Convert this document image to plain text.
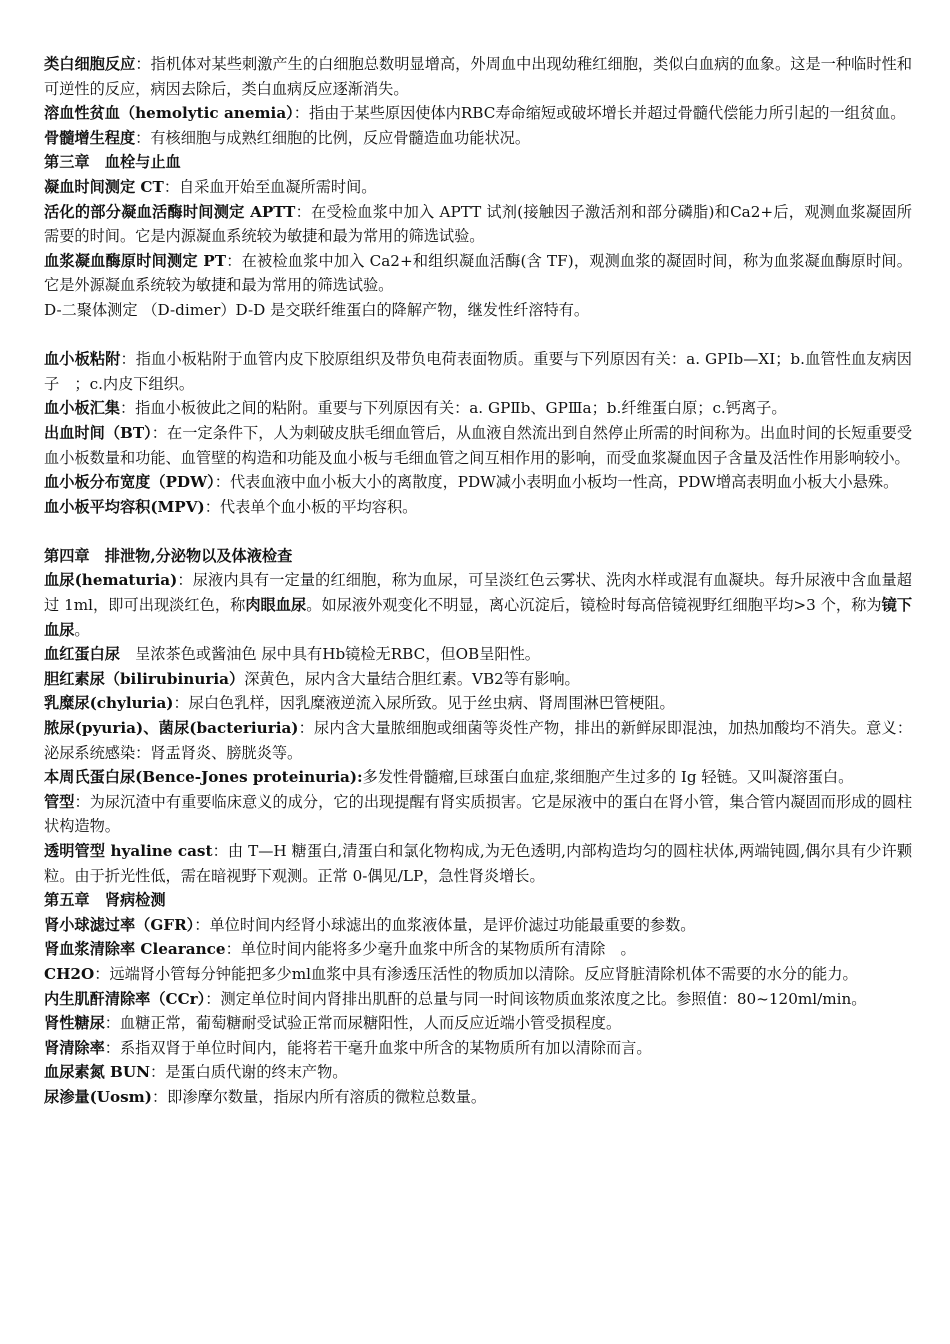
类白细胞反应：指机体对某些刺激产生的白细胞总数明显增高，外周血中出现幼稚红细胞，类似白血病的血象。这是一种临时性和可逆性的反应，病因去除后，类白血病反应逐渐消失。

溶血性贫血（hemolytic anemia）：指由于某些原因使体内RBC寿命缩短或破坏增长并超过骨髓代偿能力所引起的一组贫血。

骨髓增生程度：有核细胞与成熟红细胞的比例，反应骨髓造血功能状况。

第三章　血栓与止血

凝血时间测定 CT：自采血开始至血凝所需时间。

活化的部分凝血活酶时间测定 APTT：在受检血浆中加入 APTT 试剂(接触因子激活剂和部分磷脂)和Ca2+后，观测血浆凝固所需要的时间。它是内源凝血系统较为敏捷和最为常用的筛选试验。

血浆凝血酶原时间测定 PT：在被检血浆中加入 Ca2+和组织凝血活酶(含 TF)，观测血浆的凝固时间，称为血浆凝血酶原时间。它是外源凝血系统较为敏捷和最为常用的筛选试验。

D-二聚体测定 （D-dimer）D-D 是交联纤维蛋白的降解产物，继发性纤溶特有。

血小板粘附：指血小板粘附于血管内皮下胶原组织及带负电荷表面物质。重要与下列原因有关：a. GPⅠb—XI；b.血管性血友病因子　；c.内皮下组织。

血小板汇集：指血小板彼此之间的粘附。重要与下列原因有关：a. GPⅡb、GPⅢa；b.纤维蛋白原；c.钙离子。

出血时间（BT）：在一定条件下，人为刺破皮肤毛细血管后，从血液自然流出到自然停止所需的时间称为。出血时间的长短重要受血小板数量和功能、血管壁的构造和功能及血小板与毛细血管之间互相作用的影响，而受血浆凝血因子含量及活性作用影响较小。

血小板分布宽度（PDW）：代表血液中血小板大小的离散度，PDW减小表明血小板均一性高，PDW增高表明血小板大小悬殊。

血小板平均容积(MPV)：代表单个血小板的平均容积。

第四章　排泄物,分泌物以及体液检查

血尿(hematuria)：尿液内具有一定量的红细胞，称为血尿，可呈淡红色云雾状、洗肉水样或混有血凝块。每升尿液中含血量超过 1ml，即可出现淡红色，称肉眼血尿。如尿液外观变化不明显，离心沉淀后，镜检时每高倍镜视野红细胞平均>3 个，称为镜下血尿。

血红蛋白尿　呈浓茶色或酱油色 尿中具有Hb镜检无RBC，但OB呈阳性。

胆红素尿（bilirubinuria）深黄色，尿内含大量结合胆红素。VB2等有影响。

乳糜尿(chyluria)：尿白色乳样，因乳糜液逆流入尿所致。见于丝虫病、肾周围淋巴管梗阻。

脓尿(pyuria)、菌尿(bacteriuria)：尿内含大量脓细胞或细菌等炎性产物，排出的新鲜尿即混浊，加热加酸均不消失。意义：泌尿系统感染：肾盂肾炎、膀胱炎等。

本周氏蛋白尿(Bence-Jones proteinuria):多发性骨髓瘤,巨球蛋白血症,浆细胞产生过多的 Ig 轻链。又叫凝溶蛋白。

管型：为尿沉渣中有重要临床意义的成分，它的出现提醒有肾实质损害。它是尿液中的蛋白在肾小管，集合管内凝固而形成的圆柱状构造物。

透明管型 hyaline cast：由 T—H 糖蛋白,清蛋白和氯化物构成,为无色透明,内部构造均匀的圆柱状体,两端钝圆,偶尔具有少许颗粒。由于折光性低，需在暗视野下观测。正常 0-偶见/LP，急性肾炎增长。

第五章　肾病检测

肾小球滤过率（GFR）：单位时间内经肾小球滤出的血浆液体量，是评价滤过功能最重要的参数。

肾血浆清除率 Clearance：单位时间内能将多少毫升血浆中所含的某物质所有清除　。

CH2O：远端肾小管每分钟能把多少ml血浆中具有渗透压活性的物质加以清除。反应肾脏清除机体不需要的水分的能力。

内生肌酐清除率（CCr）：测定单位时间内肾排出肌酐的总量与同一时间该物质血浆浓度之比。参照值：80~120ml/min。

肾性糖尿：血糖正常，葡萄糖耐受试验正常而尿糖阳性，人而反应近端小管受损程度。

肾清除率：系指双肾于单位时间内，能将若干毫升血浆中所含的某物质所有加以清除而言。

血尿素氮 BUN：是蛋白质代谢的终末产物。

尿渗量(Uosm)：即渗摩尔数量，指尿内所有溶质的微粒总数量。
